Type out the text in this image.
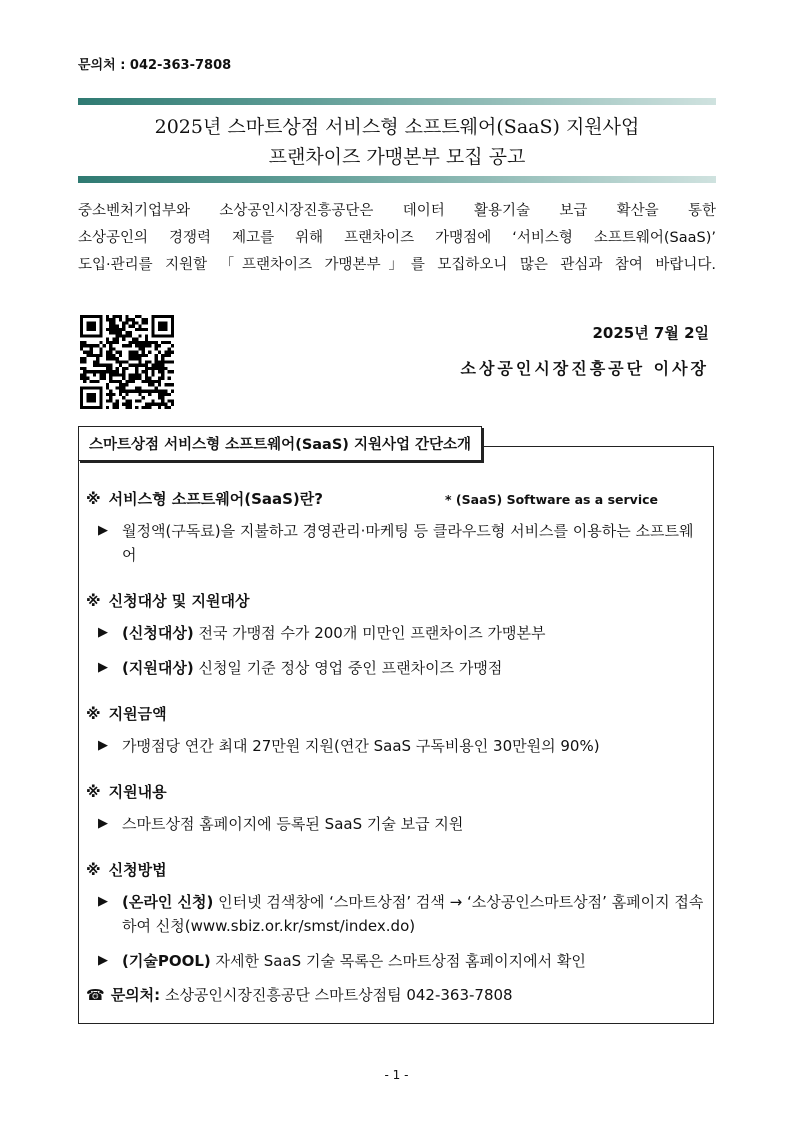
문의처 : 042-363-7808
2025년 스마트상점 서비스형 소프트웨어(SaaS) 지원사업
프랜차이즈 가맹본부 모집 공고

중소벤처기업부와 소상공인시장진흥공단은 데이터 활용기술 보급 확산을 통한

소상공인의 경쟁력 제고를 위해 프랜차이즈 가맹점에 ‘서비스형 소프트웨어(SaaS)’

도입·관리를 지원할 「프랜차이즈 가맹본부」를 모집하오니 많은 관심과 참여 바랍니다.

2025년 7월 2일
소상공인시장진흥공단 이사장
스마트상점 서비스형 소프트웨어(SaaS) 지원사업 간단소개
※ 서비스형 소프트웨어(SaaS)란?	* (SaaS) Software as a service
▶ 월정액(구독료)을 지불하고 경영관리·마케팅 등 클라우드형 서비스를 이용하는 소프트웨어
※ 신청대상 및 지원대상
▶ (신청대상) 전국 가맹점 수가 200개 미만인 프랜차이즈 가맹본부
▶ (지원대상) 신청일 기준 정상 영업 중인 프랜차이즈 가맹점
※ 지원금액
▶ 가맹점당 연간 최대 27만원 지원(연간 SaaS 구독비용인 30만원의 90%)
※ 지원내용
▶ 스마트상점 홈페이지에 등록된 SaaS 기술 보급 지원
※ 신청방법
▶ (온라인 신청) 인터넷 검색창에 ‘스마트상점’ 검색 → ‘소상공인스마트상점’ 홈페이지 접속하여 신청(www.sbiz.or.kr/smst/index.do)
▶ (기술POOL) 자세한 SaaS 기술 목록은 스마트상점 홈페이지에서 확인
☎ 문의처: 소상공인시장진흥공단 스마트상점팀 042-363-7808
- 1 -
